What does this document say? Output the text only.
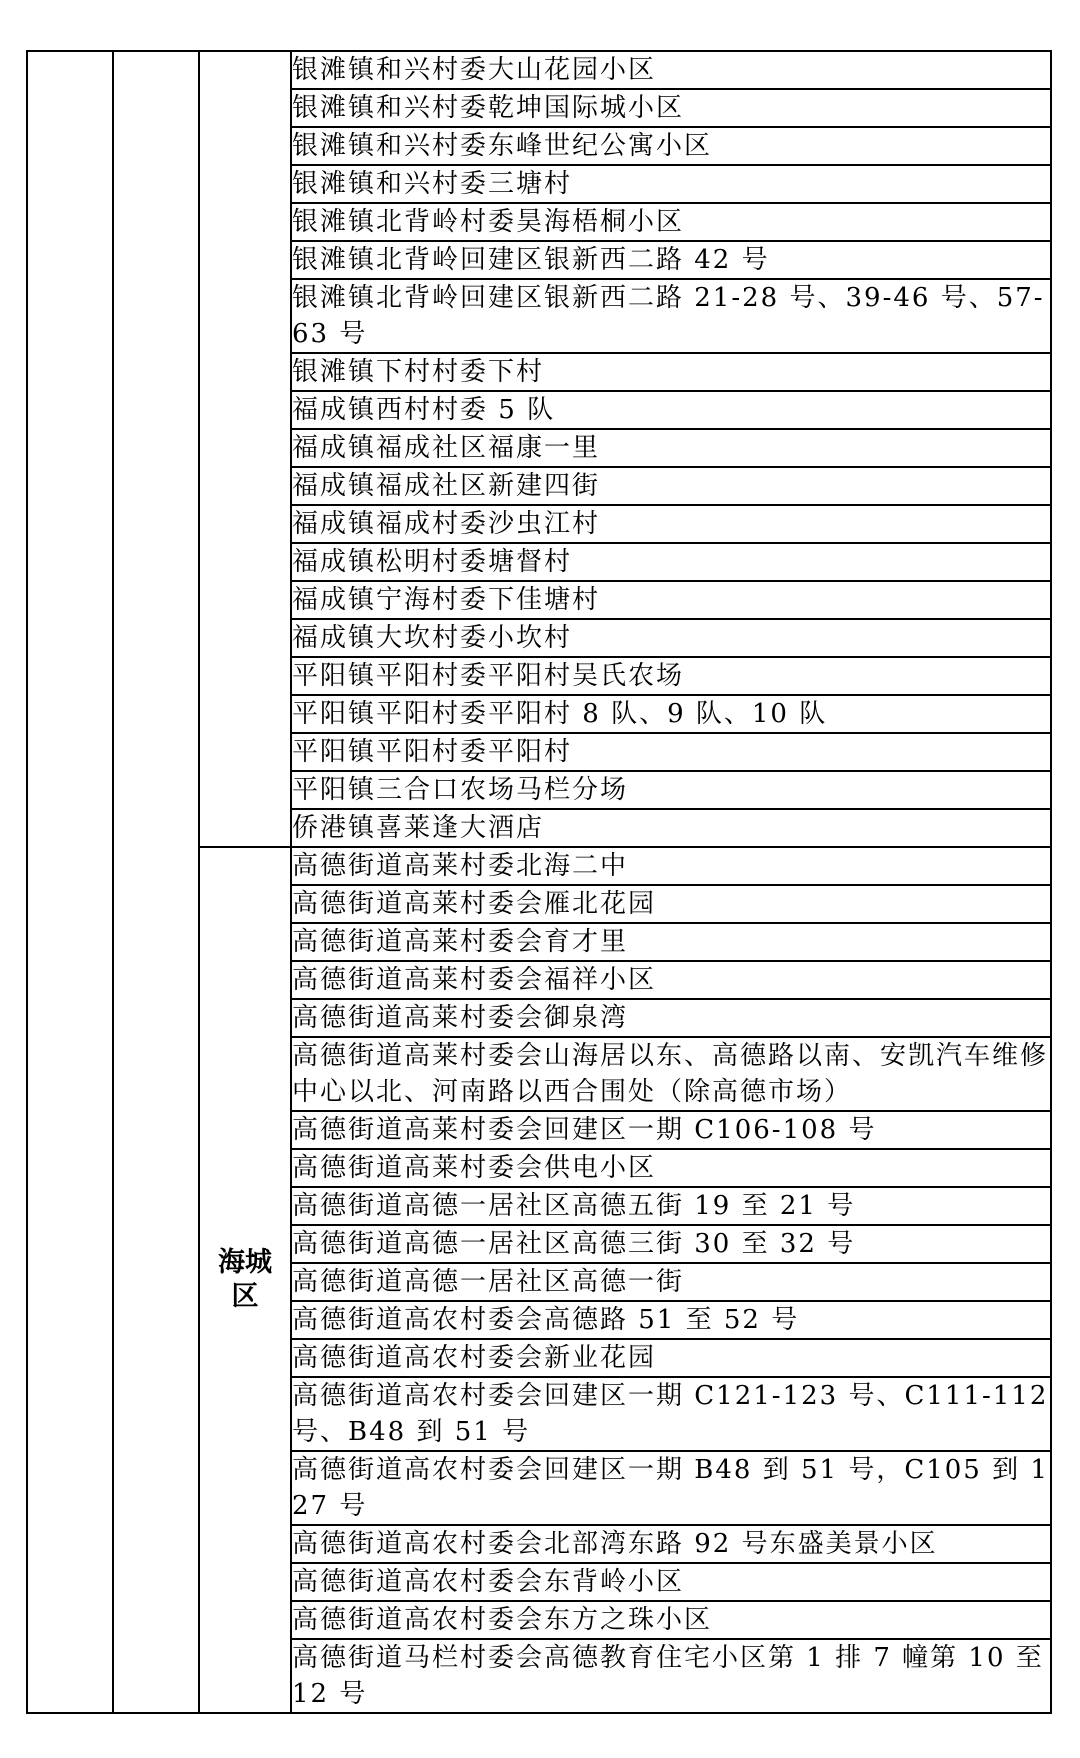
			银滩镇和兴村委大山花园小区
			银滩镇和兴村委乾坤国际城小区
			银滩镇和兴村委东峰世纪公寓小区
			银滩镇和兴村委三塘村
			银滩镇北背岭村委昊海梧桐小区
			银滩镇北背岭回建区银新西二路 42 号
			银滩镇北背岭回建区银新西二路 21-28 号、39-46 号、57-63 号
			银滩镇下村村委下村
			福成镇西村村委 5 队
			福成镇福成社区福康一里
			福成镇福成社区新建四街
			福成镇福成村委沙虫江村
			福成镇松明村委塘督村
			福成镇宁海村委下佳塘村
			福成镇大坎村委小坎村
			平阳镇平阳村委平阳村吴氏农场
			平阳镇平阳村委平阳村 8 队、9 队、10 队
			平阳镇平阳村委平阳村
			平阳镇三合口农场马栏分场
			侨港镇喜莱逢大酒店
		海城区	高德街道高莱村委北海二中
			高德街道高莱村委会雁北花园
			高德街道高莱村委会育才里
			高德街道高莱村委会福祥小区
			高德街道高莱村委会御泉湾
			高德街道高莱村委会山海居以东、高德路以南、安凯汽车维修中心以北、河南路以西合围处（除高德市场）
			高德街道高莱村委会回建区一期 C106-108 号
			高德街道高莱村委会供电小区
			高德街道高德一居社区高德五街 19 至 21 号
			高德街道高德一居社区高德三街 30 至 32 号
			高德街道高德一居社区高德一街
			高德街道高农村委会高德路 51 至 52 号
			高德街道高农村委会新业花园
			高德街道高农村委会回建区一期 C121-123 号、C111-112 号、B48 到 51 号
			高德街道高农村委会回建区一期 B48 到 51 号，C105 到 127 号
			高德街道高农村委会北部湾东路 92 号东盛美景小区
			高德街道高农村委会东背岭小区
			高德街道高农村委会东方之珠小区
			高德街道马栏村委会高德教育住宅小区第 1 排 7 幢第 10 至 12 号
